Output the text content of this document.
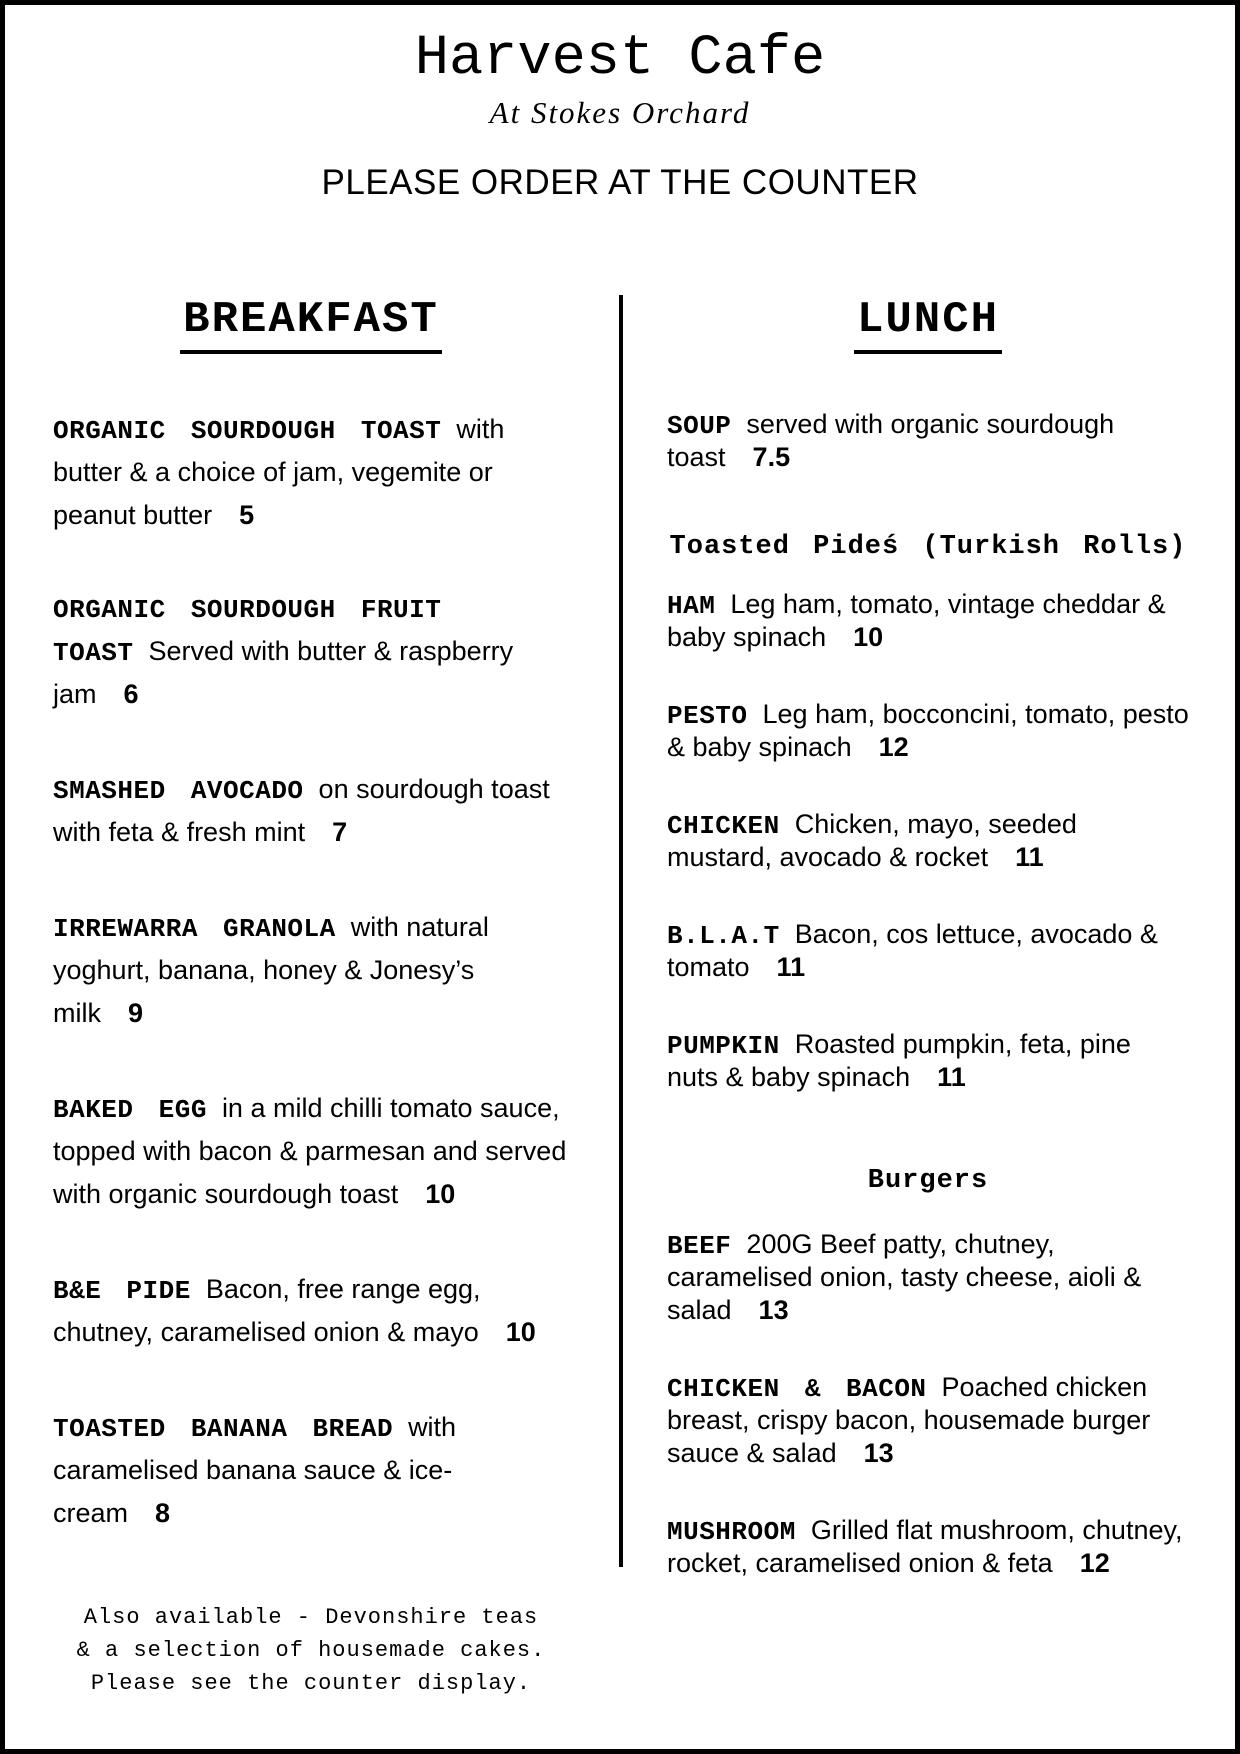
Harvest Cafe
At Stokes Orchard
PLEASE ORDER AT THE COUNTER
BREAKFAST

ORGANIC SOURDOUGH TOAST with butter & a choice of jam, vegemite or peanut butter 5

ORGANIC SOURDOUGH FRUIT TOAST Served with butter & raspberry jam 6

SMASHED AVOCADO on sourdough toast with feta & fresh mint 7

IRREWARRA GRANOLA with natural yoghurt, banana, honey & Jonesy’s milk 9

BAKED EGG in a mild chilli tomato sauce, topped with bacon & parmesan and served with organic sourdough toast 10

B&E PIDE Bacon, free range egg, chutney, caramelised onion & mayo 10

TOASTED BANANA BREAD with caramelised banana sauce & ice-cream 8

Also available - Devonshire teas & a selection of housemade cakes. Please see the counter display.
LUNCH

SOUP served with organic sourdough toast 7.5

Toasted Pideś (Turkish Rolls)

HAM Leg ham, tomato, vintage cheddar & baby spinach 10

PESTO Leg ham, bocconcini, tomato, pesto & baby spinach 12

CHICKEN Chicken, mayo, seeded mustard, avocado & rocket 11

B.L.A.T Bacon, cos lettuce, avocado & tomato 11

PUMPKIN Roasted pumpkin, feta, pine nuts & baby spinach 11

Burgers

BEEF 200G Beef patty, chutney, caramelised onion, tasty cheese, aioli & salad 13

CHICKEN & BACON Poached chicken breast, crispy bacon, housemade burger sauce & salad 13

MUSHROOM Grilled flat mushroom, chutney, rocket, caramelised onion & feta 12
